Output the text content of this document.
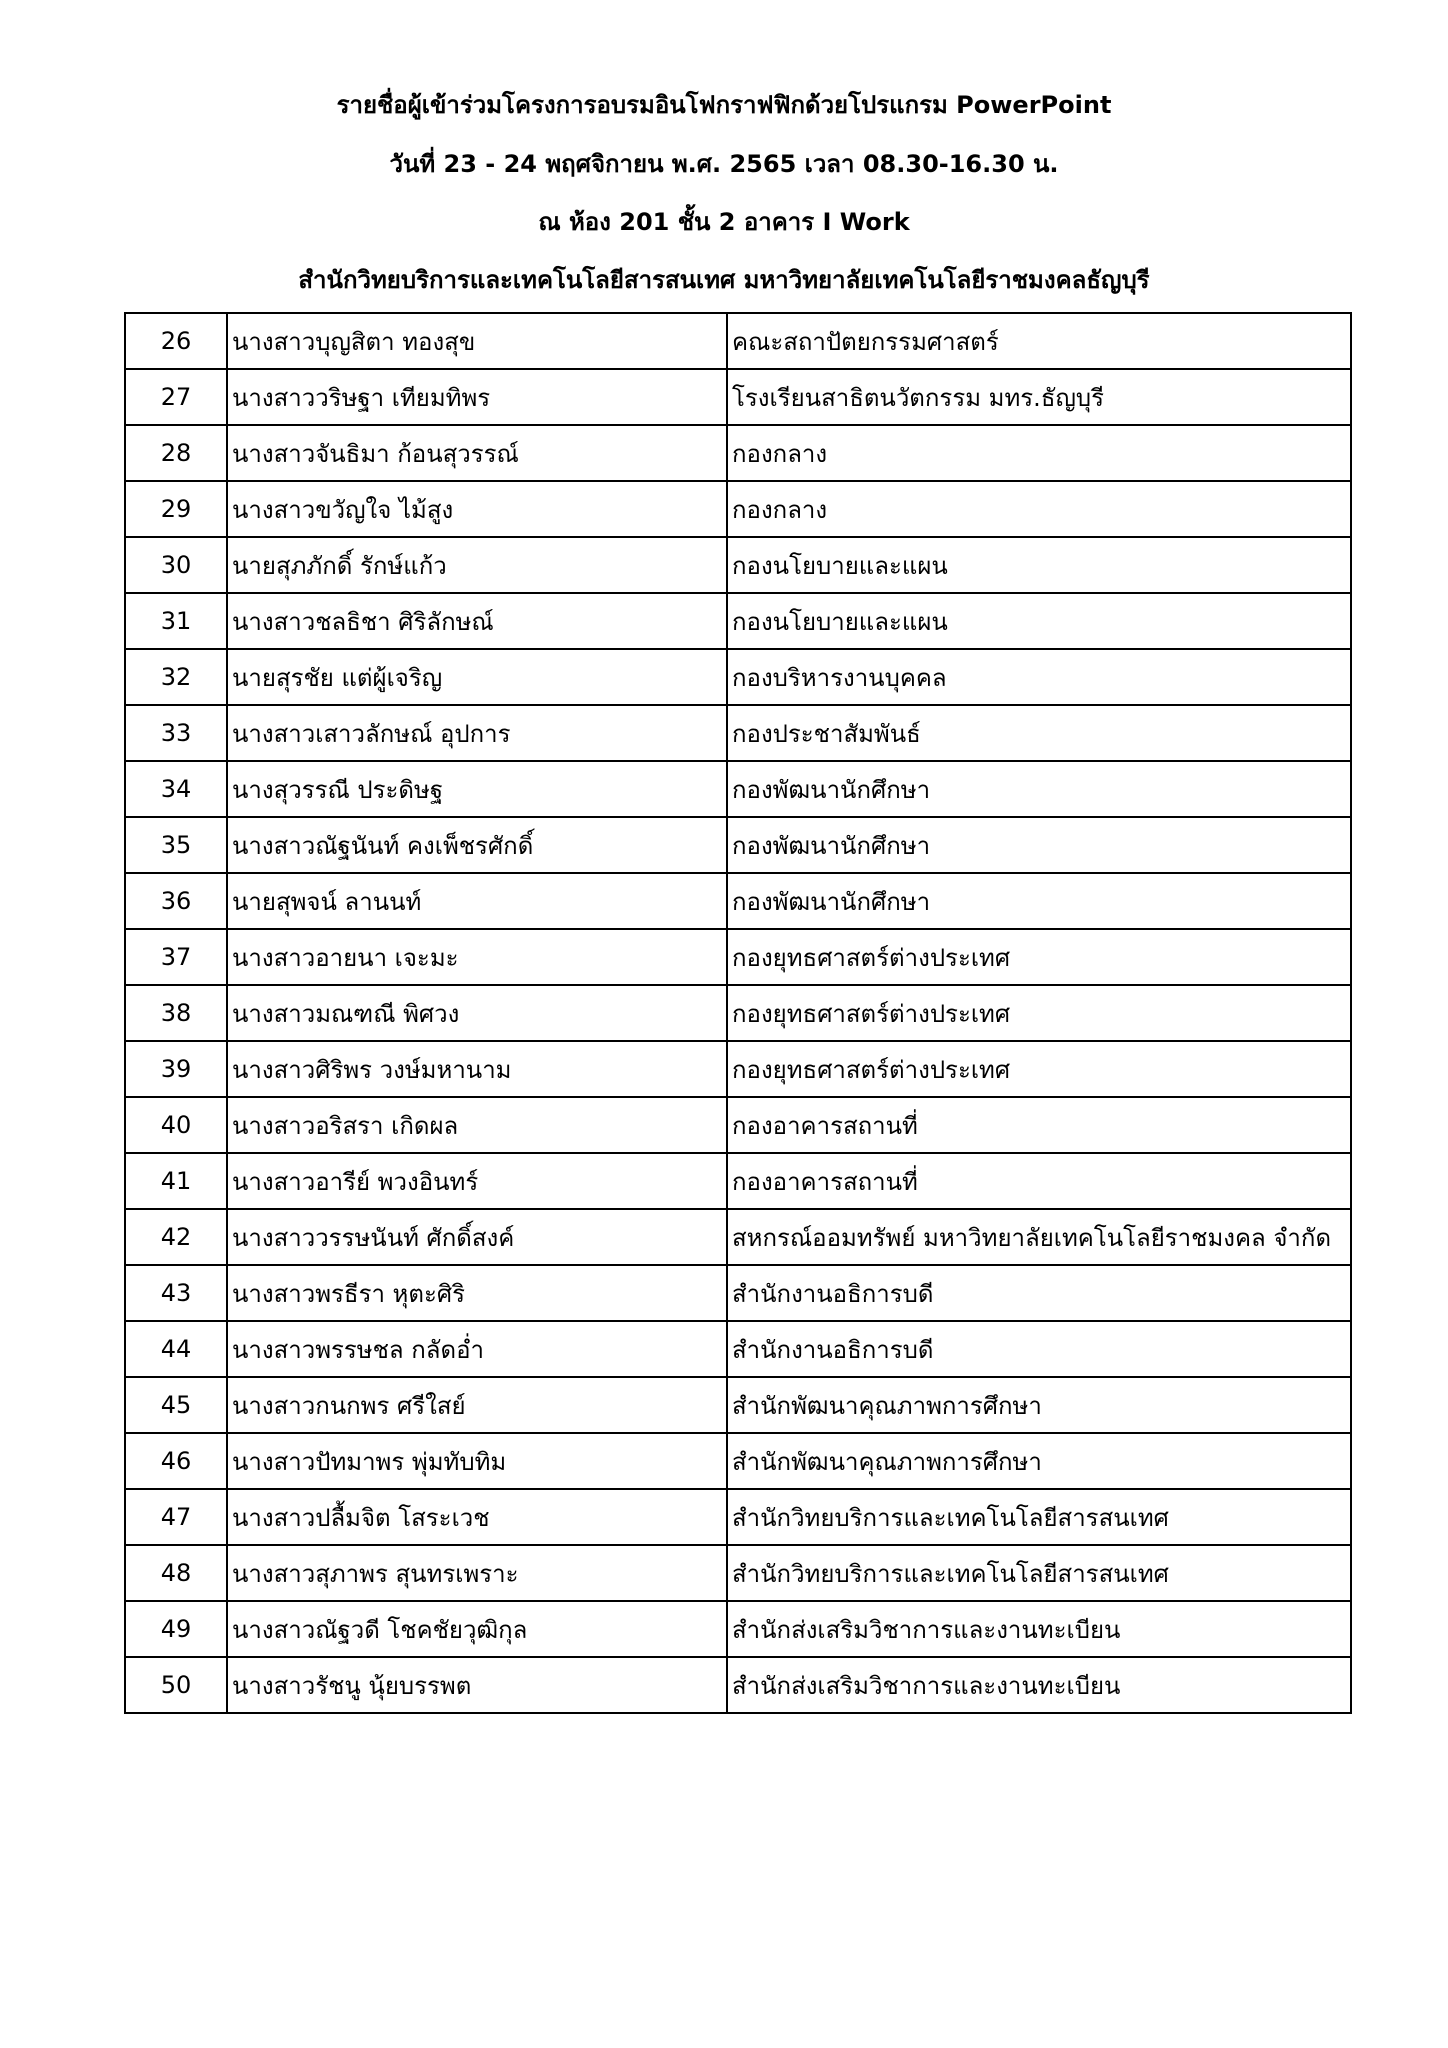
รายชื่อผู้เข้าร่วมโครงการอบรมอินโฟกราฟฟิกด้วยโปรแกรม PowerPoint
วันที่ 23 - 24 พฤศจิกายน พ.ศ. 2565 เวลา 08.30-16.30 น.
ณ ห้อง 201 ชั้น 2 อาคาร I Work
สำนักวิทยบริการและเทคโนโลยีสารสนเทศ มหาวิทยาลัยเทคโนโลยีราชมงคลธัญบุรี
26	นางสาวบุญสิตา ทองสุข	คณะสถาปัตยกรรมศาสตร์
27	นางสาววริษฐา เทียมทิพร	โรงเรียนสาธิตนวัตกรรม มทร.ธัญบุรี
28	นางสาวจันธิมา ก้อนสุวรรณ์	กองกลาง
29	นางสาวขวัญใจ ไม้สูง	กองกลาง
30	นายสุภภักดิ์ รักษ์แก้ว	กองนโยบายและแผน
31	นางสาวชลธิชา ศิริลักษณ์	กองนโยบายและแผน
32	นายสุรชัย แต่ผู้เจริญ	กองบริหารงานบุคคล
33	นางสาวเสาวลักษณ์ อุปการ	กองประชาสัมพันธ์
34	นางสุวรรณี ประดิษฐ	กองพัฒนานักศึกษา
35	นางสาวณัฐนันท์ คงเพ็ชรศักดิ์	กองพัฒนานักศึกษา
36	นายสุพจน์ ลานนท์	กองพัฒนานักศึกษา
37	นางสาวอายนา เจะมะ	กองยุทธศาสตร์ต่างประเทศ
38	นางสาวมณฑณี พิศวง	กองยุทธศาสตร์ต่างประเทศ
39	นางสาวศิริพร วงษ์มหานาม	กองยุทธศาสตร์ต่างประเทศ
40	นางสาวอริสรา เกิดผล	กองอาคารสถานที่
41	นางสาวอารีย์ พวงอินทร์	กองอาคารสถานที่
42	นางสาววรรษนันท์ ศักดิ์สงค์	สหกรณ์ออมทรัพย์ มหาวิทยาลัยเทคโนโลยีราชมงคล จำกัด
43	นางสาวพรธีรา หุตะศิริ	สำนักงานอธิการบดี
44	นางสาวพรรษชล กลัดอ่ำ	สำนักงานอธิการบดี
45	นางสาวกนกพร ศรีใสย์	สำนักพัฒนาคุณภาพการศึกษา
46	นางสาวปัทมาพร พุ่มทับทิม	สำนักพัฒนาคุณภาพการศึกษา
47	นางสาวปลื้มจิต โสระเวช	สำนักวิทยบริการและเทคโนโลยีสารสนเทศ
48	นางสาวสุภาพร สุนทรเพราะ	สำนักวิทยบริการและเทคโนโลยีสารสนเทศ
49	นางสาวณัฐวดี โชคชัยวุฒิกุล	สำนักส่งเสริมวิชาการและงานทะเบียน
50	นางสาวรัชนู นุ้ยบรรพต	สำนักส่งเสริมวิชาการและงานทะเบียน
